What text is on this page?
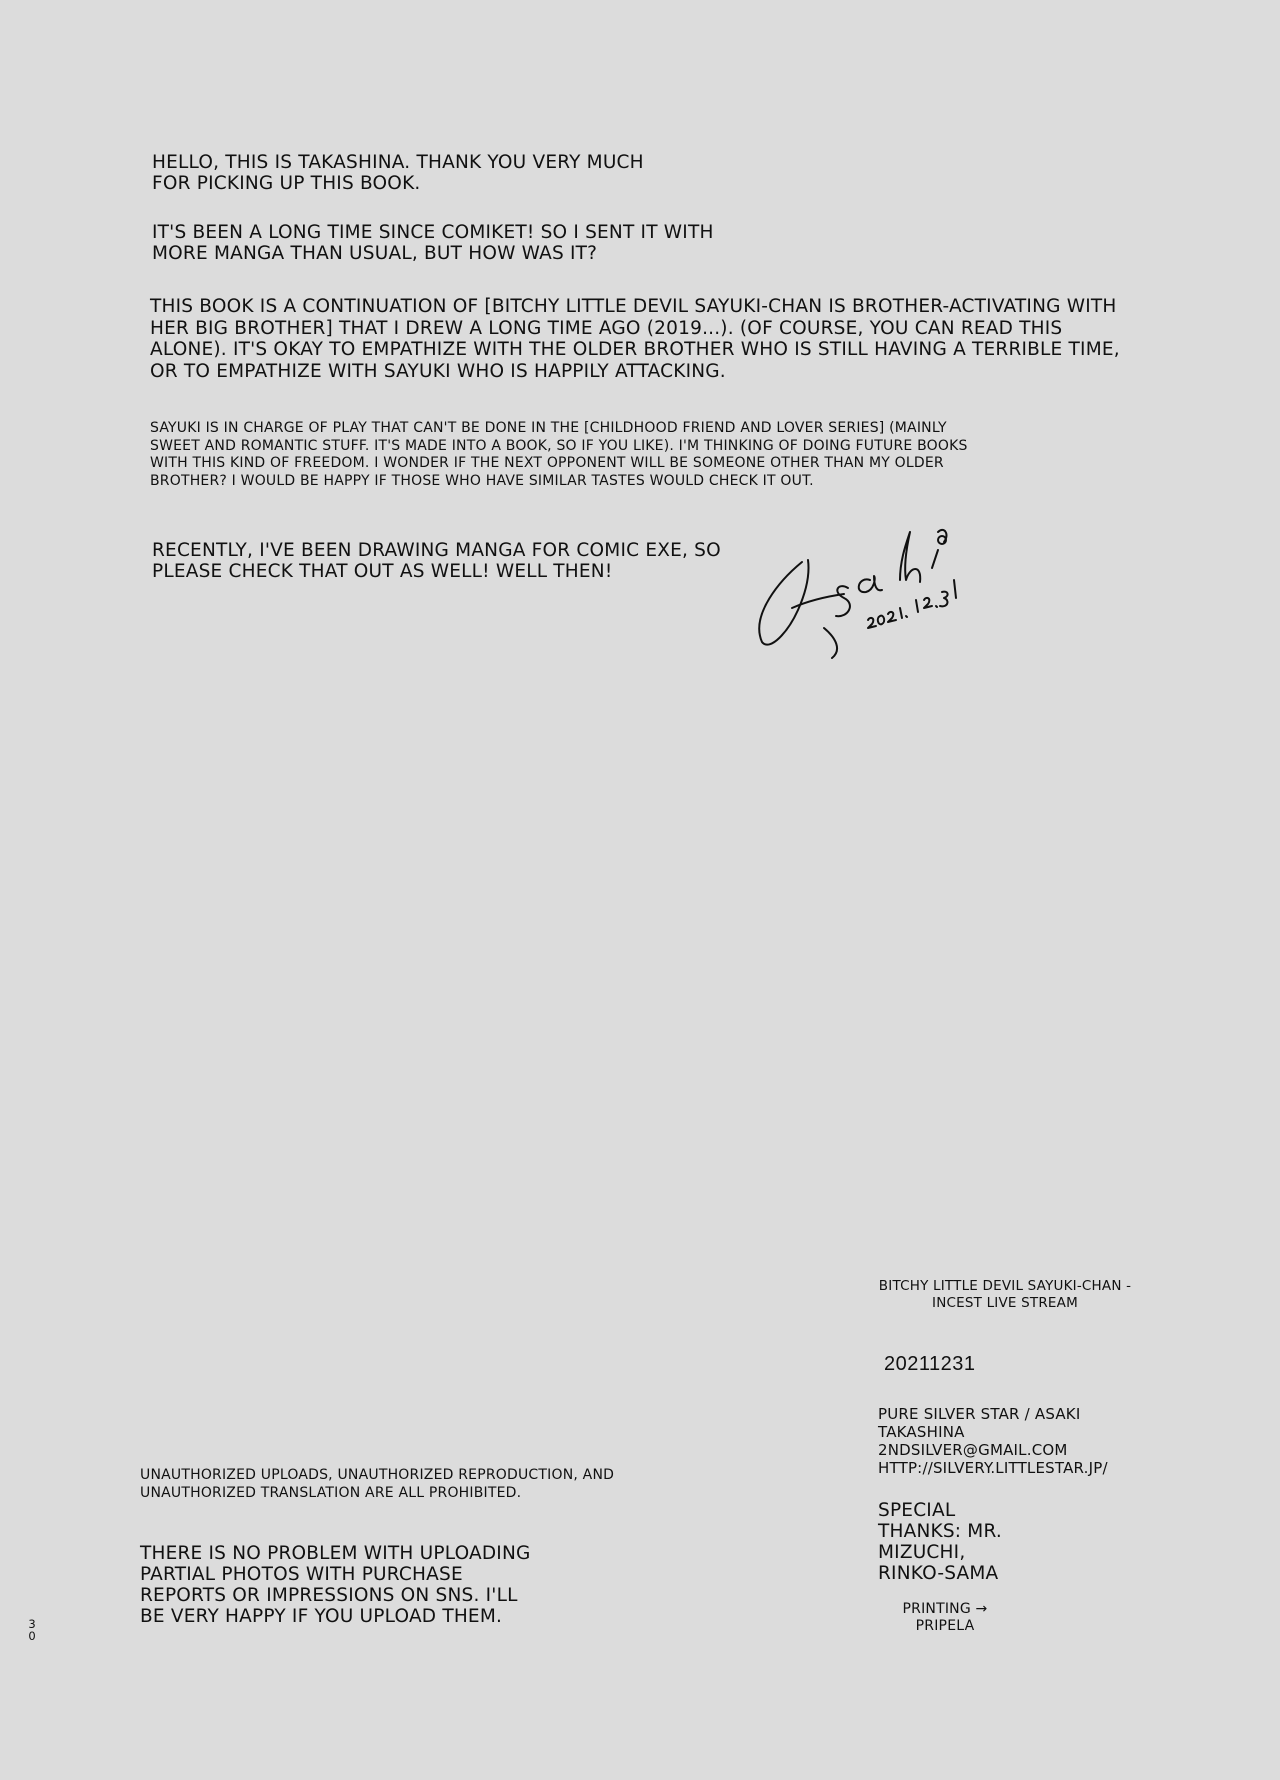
HELLO, THIS IS TAKASHINA. THANK YOU VERY MUCH
FOR PICKING UP THIS BOOK.

IT'S BEEN A LONG TIME SINCE COMIKET! SO I SENT IT WITH
MORE MANGA THAN USUAL, BUT HOW WAS IT?

THIS BOOK IS A CONTINUATION OF [BITCHY LITTLE DEVIL SAYUKI-CHAN IS BROTHER-ACTIVATING WITH
HER BIG BROTHER] THAT I DREW A LONG TIME AGO (2019...). (OF COURSE, YOU CAN READ THIS
ALONE). IT'S OKAY TO EMPATHIZE WITH THE OLDER BROTHER WHO IS STILL HAVING A TERRIBLE TIME,
OR TO EMPATHIZE WITH SAYUKI WHO IS HAPPILY ATTACKING.

SAYUKI IS IN CHARGE OF PLAY THAT CAN'T BE DONE IN THE [CHILDHOOD FRIEND AND LOVER SERIES] (MAINLY
SWEET AND ROMANTIC STUFF. IT'S MADE INTO A BOOK, SO IF YOU LIKE). I'M THINKING OF DOING FUTURE BOOKS
WITH THIS KIND OF FREEDOM. I WONDER IF THE NEXT OPPONENT WILL BE SOMEONE OTHER THAN MY OLDER
BROTHER? I WOULD BE HAPPY IF THOSE WHO HAVE SIMILAR TASTES WOULD CHECK IT OUT.

RECENTLY, I'VE BEEN DRAWING MANGA FOR COMIC EXE, SO
PLEASE CHECK THAT OUT AS WELL! WELL THEN!

UNAUTHORIZED UPLOADS, UNAUTHORIZED REPRODUCTION, AND
UNAUTHORIZED TRANSLATION ARE ALL PROHIBITED.

THERE IS NO PROBLEM WITH UPLOADING
PARTIAL PHOTOS WITH PURCHASE
REPORTS OR IMPRESSIONS ON SNS. I'LL
BE VERY HAPPY IF YOU UPLOAD THEM.

30

BITCHY LITTLE DEVIL SAYUKI-CHAN -
INCEST LIVE STREAM

20211231

PURE SILVER STAR / ASAKI
TAKASHINA
2NDSILVER@GMAIL.COM
HTTP://SILVERY.LITTLESTAR.JP/

SPECIAL
THANKS: MR.
MIZUCHI,
RINKO-SAMA

PRINTING →
PRIPELA
